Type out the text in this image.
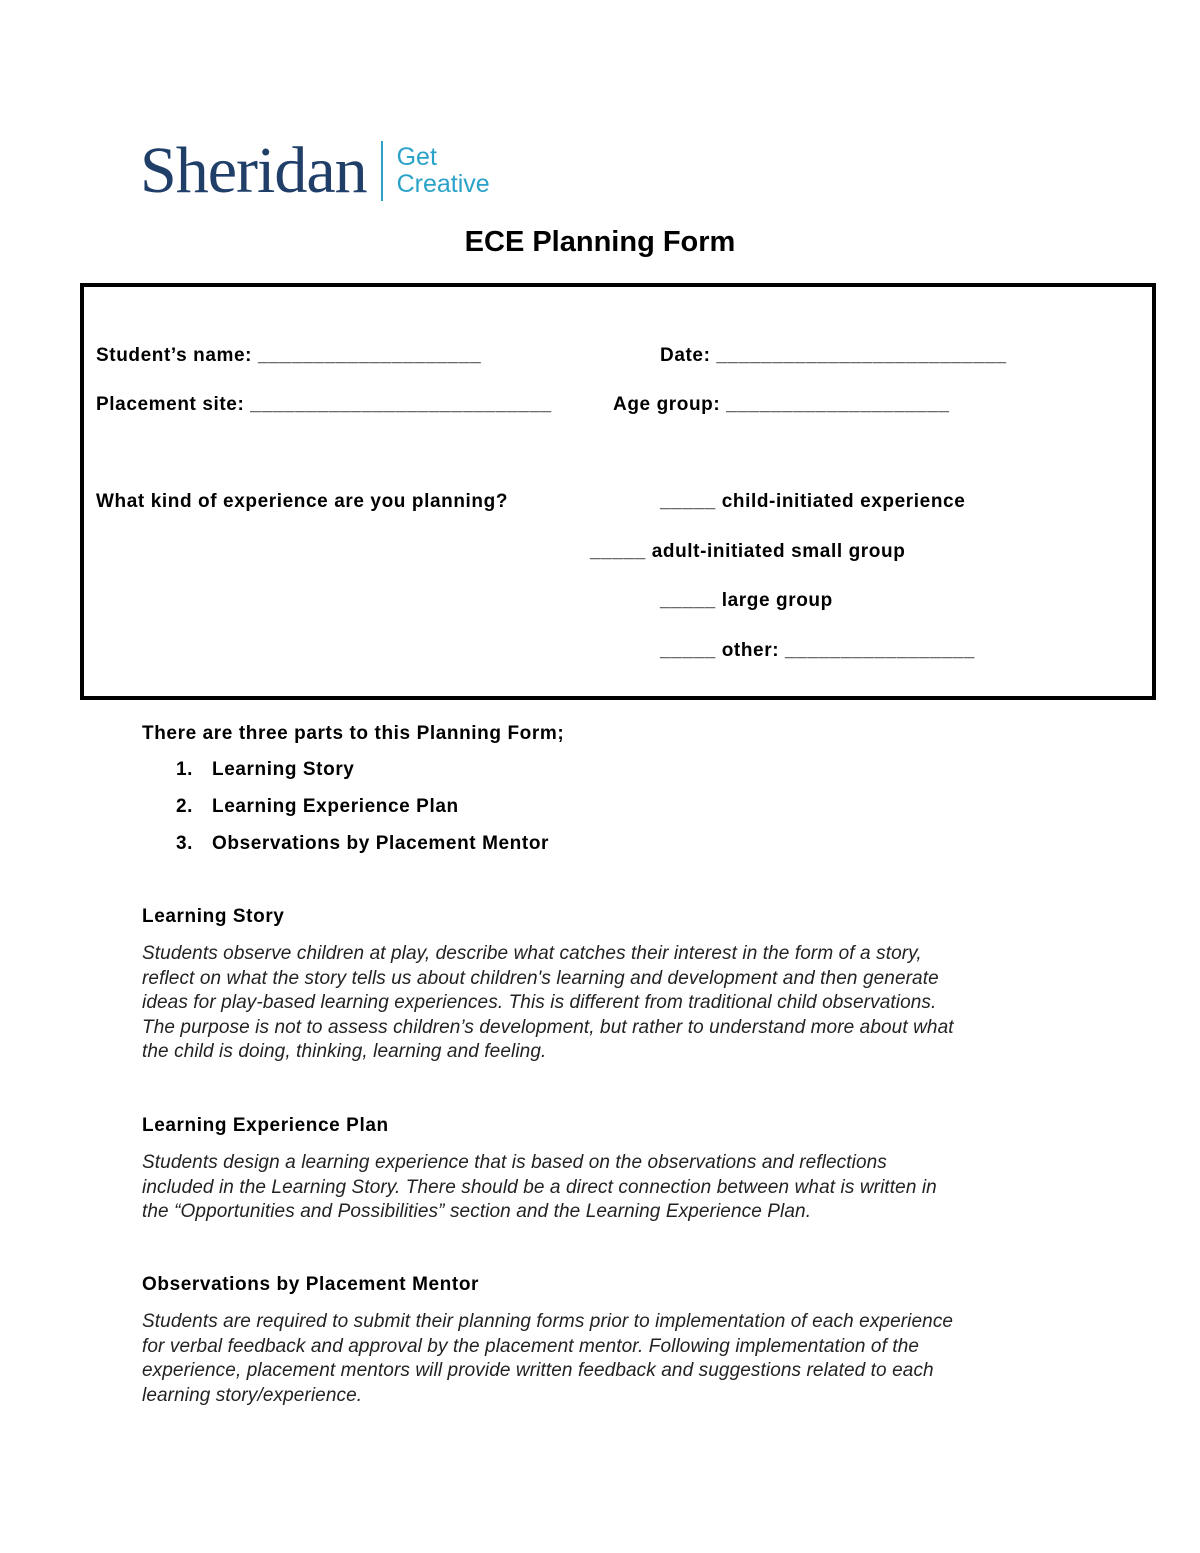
Sheridan Get
Creative
ECE Planning Form
Student’s name: ____________________	Date: __________________________
Placement site: ___________________________	Age group: ____________________
What kind of experience are you planning?	_____ child-initiated experience
_____ adult-initiated small group
_____ large group
_____ other: _________________
There are three parts to this Planning Form;
1. Learning Story
2. Learning Experience Plan
3. Observations by Placement Mentor
Learning Story
Students observe children at play, describe what catches their interest in the form of a story,
reflect on what the story tells us about children's learning and development and then generate
ideas for play-based learning experiences. This is different from traditional child observations.
The purpose is not to assess children’s development, but rather to understand more about what
the child is doing, thinking, learning and feeling.
Learning Experience Plan
Students design a learning experience that is based on the observations and reflections
included in the Learning Story. There should be a direct connection between what is written in
the “Opportunities and Possibilities” section and the Learning Experience Plan.
Observations by Placement Mentor
Students are required to submit their planning forms prior to implementation of each experience
for verbal feedback and approval by the placement mentor. Following implementation of the
experience, placement mentors will provide written feedback and suggestions related to each
learning story/experience.
